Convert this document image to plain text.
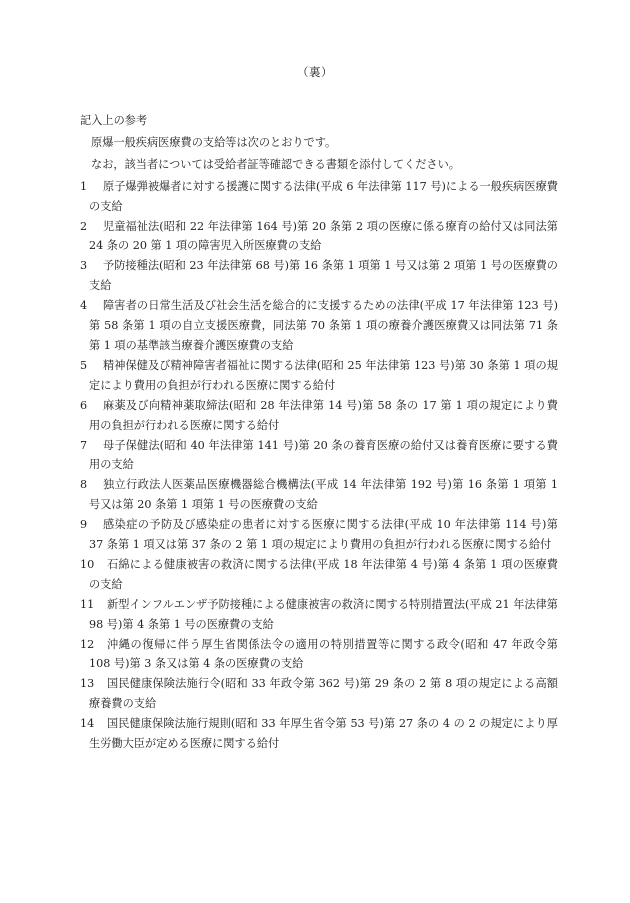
（裏）
記入上の参考

原爆一般疾病医療費の支給等は次のとおりです。

なお，該当者については受給者証等確認できる書類を添付してください。

1	原子爆弾被爆者に対する援護に関する法律(平成 6 年法律第 117 号)による一般疾病医療費の支給
2	児童福祉法(昭和 22 年法律第 164 号)第 20 条第 2 項の医療に係る療育の給付又は同法第 24 条の 20 第 1 項の障害児入所医療費の支給
3	予防接種法(昭和 23 年法律第 68 号)第 16 条第 1 項第 1 号又は第 2 項第 1 号の医療費の支給
4	障害者の日常生活及び社会生活を総合的に支援するための法律(平成 17 年法律第 123 号)第 58 条第 1 項の自立支援医療費，同法第 70 条第 1 項の療養介護医療費又は同法第 71 条第 1 項の基準該当療養介護医療費の支給
5	精神保健及び精神障害者福祉に関する法律(昭和 25 年法律第 123 号)第 30 条第 1 項の規定により費用の負担が行われる医療に関する給付
6	麻薬及び向精神薬取締法(昭和 28 年法律第 14 号)第 58 条の 17 第 1 項の規定により費用の負担が行われる医療に関する給付
7	母子保健法(昭和 40 年法律第 141 号)第 20 条の養育医療の給付又は養育医療に要する費用の支給
8	独立行政法人医薬品医療機器総合機構法(平成 14 年法律第 192 号)第 16 条第 1 項第 1 号又は第 20 条第 1 項第 1 号の医療費の支給
9	感染症の予防及び感染症の患者に対する医療に関する法律(平成 10 年法律第 114 号)第 37 条第 1 項又は第 37 条の 2 第 1 項の規定により費用の負担が行われる医療に関する給付
10	石綿による健康被害の救済に関する法律(平成 18 年法律第 4 号)第 4 条第 1 項の医療費の支給
11	新型インフルエンザ予防接種による健康被害の救済に関する特別措置法(平成 21 年法律第 98 号)第 4 条第 1 号の医療費の支給
12	沖縄の復帰に伴う厚生省関係法令の適用の特別措置等に関する政令(昭和 47 年政令第 108 号)第 3 条又は第 4 条の医療費の支給
13	国民健康保険法施行令(昭和 33 年政令第 362 号)第 29 条の 2 第 8 項の規定による高額療養費の支給
14	国民健康保険法施行規則(昭和 33 年厚生省令第 53 号)第 27 条の 4 の 2 の規定により厚生労働大臣が定める医療に関する給付
